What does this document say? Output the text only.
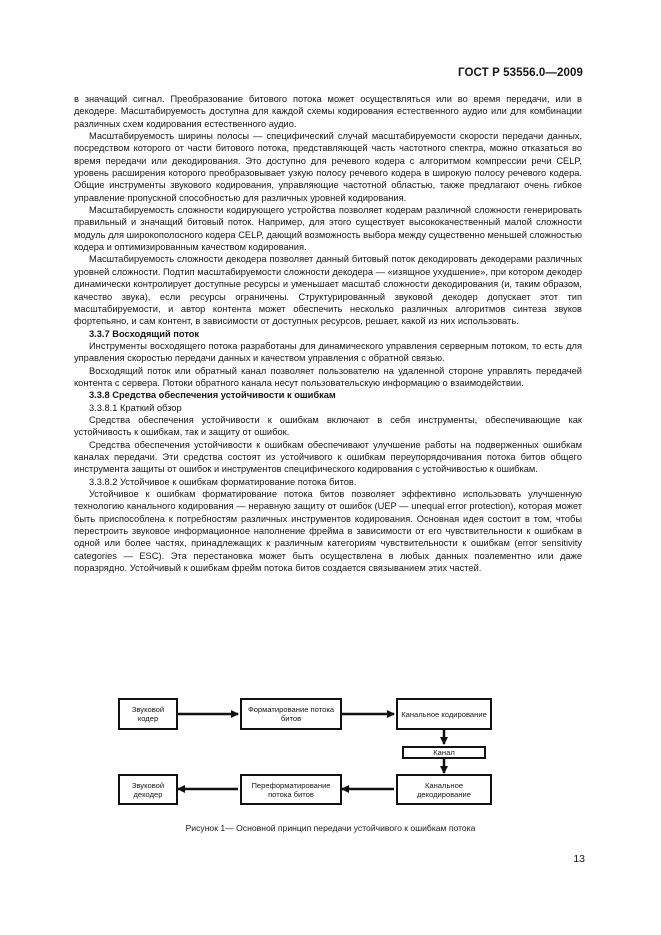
ГОСТ Р 53556.0—2009

в значащий сигнал. Преобразование битового потока может осуществляться или во время передачи, или в декодере. Масштабируемость доступна для каждой схемы кодирования естественного аудио или для комбинации различных схем кодирования естественного аудио.

Масштабируемость ширины полосы — специфический случай масштабируемости скорости передачи данных, посредством которого от части битового потока, представляющей часть частотного спектра, можно отказаться во время передачи или декодирования. Это доступно для речевого кодера с алгоритмом компрессии речи CELP, уровень расширения которого преобразовывает узкую полосу речевого кодера в широкую полосу речевого кодера. Общие инструменты звукового кодирования, управляющие частотной областью, также предлагают очень гибкое управление пропускной способностью для различных уровней кодирования.

Масштабируемость сложности кодирующего устройства позволяет кодерам различной сложности генерировать правильный и значащий битовый поток. Например, для этого существует высококачественный малой сложности модуль для широкополосного кодера CELP, дающий возможность выбора между существенно меньшей сложностью кодера и оптимизированным качеством кодирования.

Масштабируемость сложности декодера позволяет данный битовый поток декодировать декодерами различных уровней сложности. Подтип масштабируемости сложности декодера — «изящное ухудшение», при котором декодер динамически контролирует доступные ресурсы и уменьшает масштаб сложности декодирования (и, таким образом, качество звука), если ресурсы ограничены. Структурированный звуковой декодер допускает этот тип масштабируемости, и автор контента может обеспечить несколько различных алгоритмов синтеза звуков фортепьяно, и сам контент, в зависимости от доступных ресурсов, решает, какой из них использовать.

3.3.7 Восходящий поток

Инструменты восходящего потока разработаны для динамического управления серверным потоком, то есть для управления скоростью передачи данных и качеством управления с обратной связью.

Восходящий поток или обратный канал позволяет пользователю на удаленной стороне управлять передачей контента с сервера. Потоки обратного канала несут пользовательскую информацию о взаимодействии.

3.3.8 Средства обеспечения устойчивости к ошибкам

3.3.8.1 Краткий обзор

Средства обеспечения устойчивости к ошибкам включают в себя инструменты, обеспечивающие как устойчивость к ошибкам, так и защиту от ошибок.

Средства обеспечения устойчивости к ошибкам обеспечивают улучшение работы на подверженных ошибкам каналах передачи. Эти средства состоят из устойчивого к ошибкам переупорядочивания потока битов общего инструмента защиты от ошибок и инструментов специфического кодирования с устойчивостью к ошибкам.

3.3.8.2 Устойчивое к ошибкам форматирование потока битов.

Устойчивое к ошибкам форматирование потока битов позволяет эффективно использовать улучшенную технологию канального кодирования — неравную защиту от ошибок (UEP — unequal error protection), которая может быть приспособлена к потребностям различных инструментов кодирования. Основная идея состоит в том, чтобы перестроить звуковое информационное наполнение фрейма в зависимости от его чувствительности к ошибкам в одной или более частях, принадлежащих к различным категориям чувствительности к ошибкам (error sensitivity categories — ESC). Эта перестановка может быть осуществлена в любых данных поэлементно или даже поразрядно. Устойчивый к ошибкам фрейм потока битов создается связыванием этих частей.

Звуковой кодер
Форматирование потока битов	Канальное кодирование
Канал
Канальное декодирование
Переформатирование потока битов
Звуковой декодер
Рисунок 1— Основной принцип передачи устойчивого к ошибкам потока
13
